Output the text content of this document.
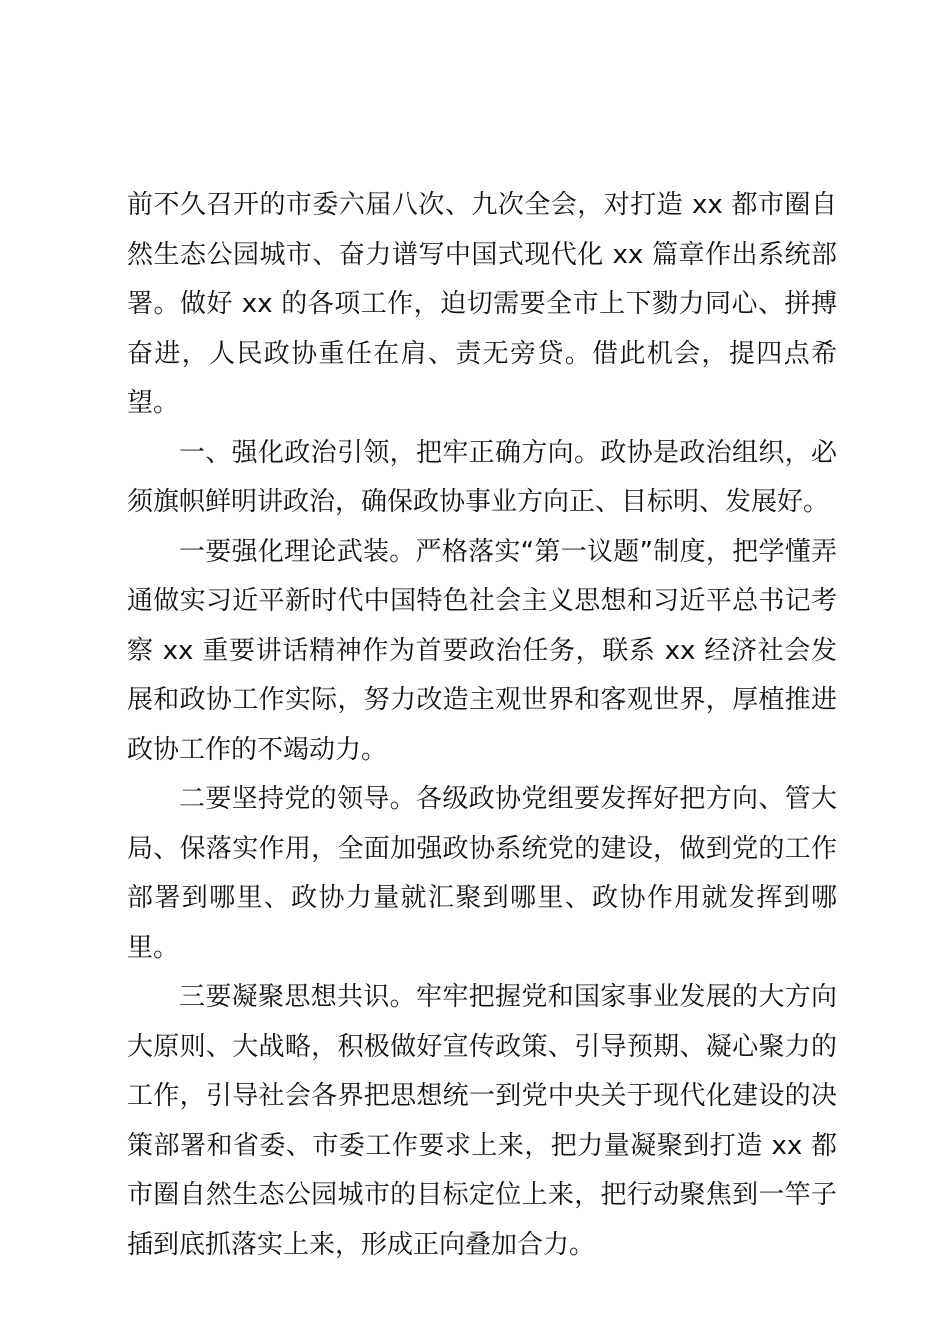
前不久召开的市委六届八次、九次全会，对打造 xx 都市圈自然生态公园城市、奋力谱写中国式现代化 xx 篇章作出系统部署。做好 xx 的各项工作，迫切需要全市上下勠力同心、拼搏奋进，人民政协重任在肩、责无旁贷。借此机会，提四点希望。

一、强化政治引领，把牢正确方向。政协是政治组织，必须旗帜鲜明讲政治，确保政协事业方向正、目标明、发展好。

一要强化理论武装。严格落实“第一议题”制度，把学懂弄通做实习近平新时代中国特色社会主义思想和习近平总书记考察 xx 重要讲话精神作为首要政治任务，联系 xx 经济社会发展和政协工作实际，努力改造主观世界和客观世界，厚植推进政协工作的不竭动力。

二要坚持党的领导。各级政协党组要发挥好把方向、管大局、保落实作用，全面加强政协系统党的建设，做到党的工作部署到哪里、政协力量就汇聚到哪里、政协作用就发挥到哪里。

三要凝聚思想共识。牢牢把握党和国家事业发展的大方向大原则、大战略，积极做好宣传政策、引导预期、凝心聚力的工作，引导社会各界把思想统一到党中央关于现代化建设的决策部署和省委、市委工作要求上来，把力量凝聚到打造 xx 都市圈自然生态公园城市的目标定位上来，把行动聚焦到一竿子插到底抓落实上来，形成正向叠加合力。
